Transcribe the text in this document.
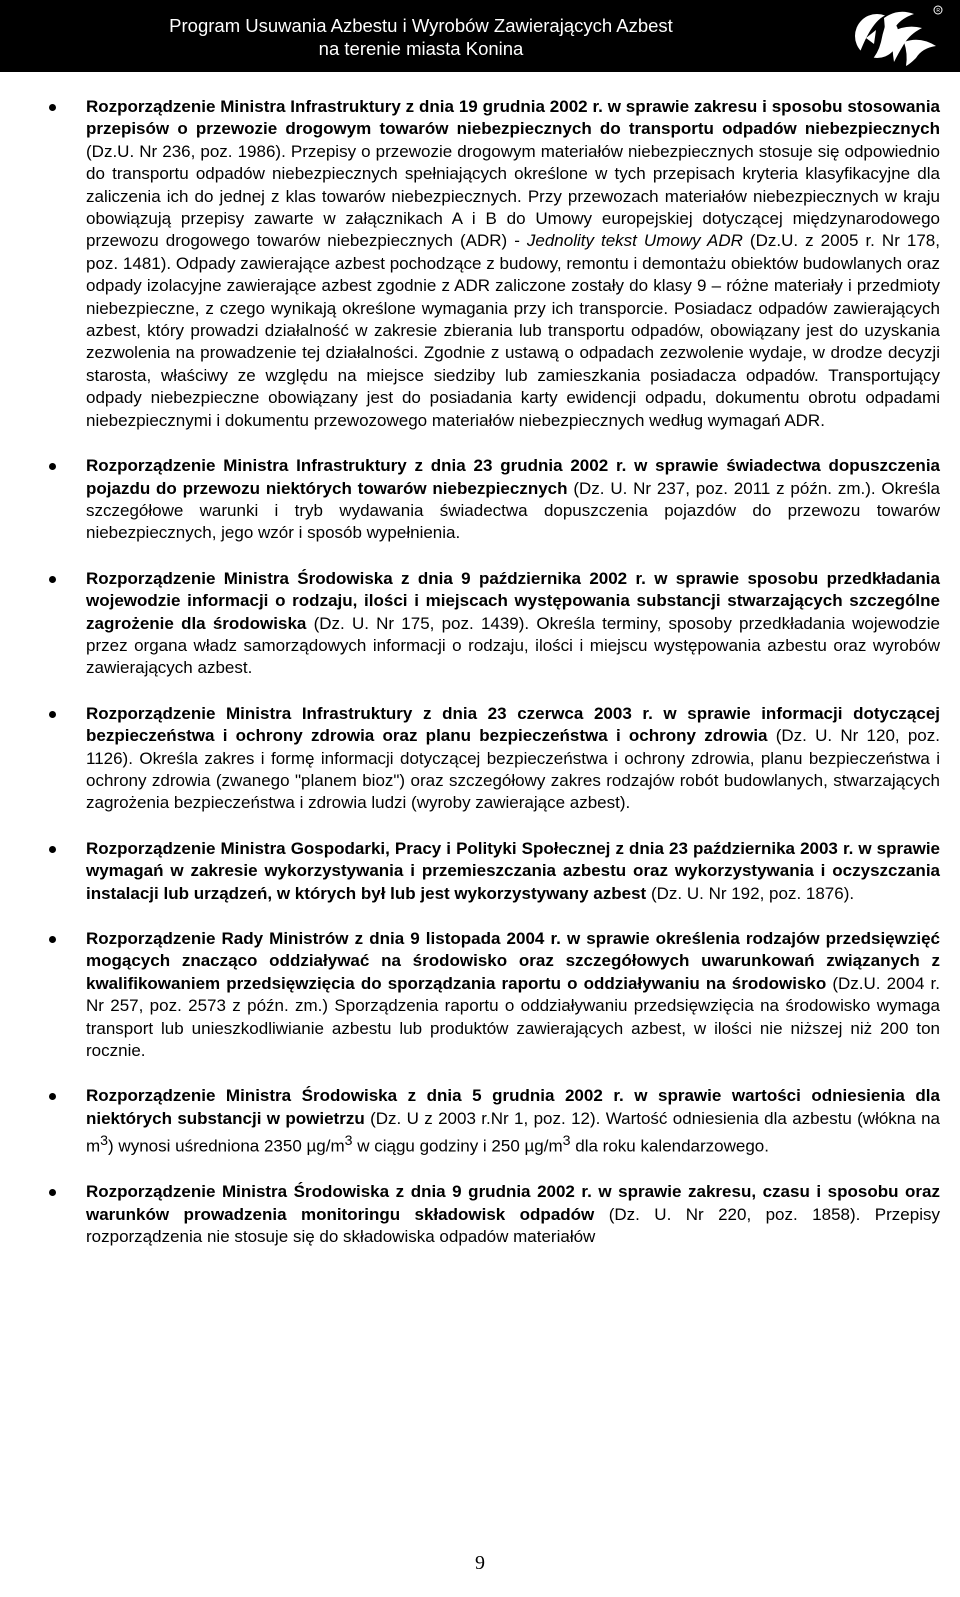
Program Usuwania Azbestu i Wyrobów Zawierających Azbest
na terenie miasta Konina
R

Rozporządzenie Ministra Infrastruktury z dnia 19 grudnia 2002 r. w sprawie zakresu i sposobu stosowania przepisów o przewozie drogowym towarów niebezpiecznych do transportu odpadów niebezpiecznych (Dz.U. Nr 236, poz. 1986). Przepisy o przewozie drogowym materiałów niebezpiecznych stosuje się odpowiednio do transportu odpadów niebezpiecznych spełniających określone w tych przepisach kryteria klasyfikacyjne dla zaliczenia ich do jednej z klas towarów niebezpiecznych. Przy przewozach materiałów niebezpiecznych w kraju obowiązują przepisy zawarte w załącznikach A i B do Umowy europejskiej dotyczącej międzynarodowego przewozu drogowego towarów niebezpiecznych (ADR) - Jednolity tekst Umowy ADR (Dz.U. z 2005 r. Nr 178, poz. 1481). Odpady zawierające azbest pochodzące z budowy, remontu i demontażu obiektów budowlanych oraz odpady izolacyjne zawierające azbest zgodnie z ADR zaliczone zostały do klasy 9 – różne materiały i przedmioty niebezpieczne, z czego wynikają określone wymagania przy ich transporcie. Posiadacz odpadów zawierających azbest, który prowadzi działalność w zakresie zbierania lub transportu odpadów, obowiązany jest do uzyskania zezwolenia na prowadzenie tej działalności. Zgodnie z ustawą o odpadach zezwolenie wydaje, w drodze decyzji starosta, właściwy ze względu na miejsce siedziby lub zamieszkania posiadacza odpadów. Transportujący odpady niebezpieczne obowiązany jest do posiadania karty ewidencji odpadu, dokumentu obrotu odpadami niebezpiecznymi i dokumentu przewozowego materiałów niebezpiecznych według wymagań ADR.

Rozporządzenie Ministra Infrastruktury z dnia 23 grudnia 2002 r. w sprawie świadectwa dopuszczenia pojazdu do przewozu niektórych towarów niebezpiecznych (Dz. U. Nr 237, poz. 2011 z późn. zm.). Określa szczegółowe warunki i tryb wydawania świadectwa dopuszczenia pojazdów do przewozu towarów niebezpiecznych, jego wzór i sposób wypełnienia.

Rozporządzenie Ministra Środowiska z dnia 9 października 2002 r. w sprawie sposobu przedkładania wojewodzie informacji o rodzaju, ilości i miejscach występowania substancji stwarzających szczególne zagrożenie dla środowiska (Dz. U. Nr 175, poz. 1439). Określa terminy, sposoby przedkładania wojewodzie przez organa władz samorządowych informacji o rodzaju, ilości i miejscu występowania azbestu oraz wyrobów zawierających azbest.

Rozporządzenie Ministra Infrastruktury z dnia 23 czerwca 2003 r. w sprawie informacji dotyczącej bezpieczeństwa i ochrony zdrowia oraz planu bezpieczeństwa i ochrony zdrowia (Dz. U. Nr 120, poz. 1126). Określa zakres i formę informacji dotyczącej bezpieczeństwa i ochrony zdrowia, planu bezpieczeństwa i ochrony zdrowia (zwanego "planem bioz") oraz szczegółowy zakres rodzajów robót budowlanych, stwarzających zagrożenia bezpieczeństwa i zdrowia ludzi (wyroby zawierające azbest).

Rozporządzenie Ministra Gospodarki, Pracy i Polityki Społecznej z dnia 23 października 2003 r. w sprawie wymagań w zakresie wykorzystywania i przemieszczania azbestu oraz wykorzystywania i oczyszczania instalacji lub urządzeń, w których był lub jest wykorzystywany azbest (Dz. U. Nr 192, poz. 1876).

Rozporządzenie Rady Ministrów z dnia 9 listopada 2004 r. w sprawie określenia rodzajów przedsięwzięć mogących znacząco oddziaływać na środowisko oraz szczegółowych uwarunkowań związanych z kwalifikowaniem przedsięwzięcia do sporządzania raportu o oddziaływaniu na środowisko (Dz.U. 2004 r. Nr 257, poz. 2573 z późn. zm.) Sporządzenia raportu o oddziaływaniu przedsięwzięcia na środowisko wymaga transport lub unieszkodliwianie azbestu lub produktów zawierających azbest, w ilości nie niższej niż 200 ton rocznie.

Rozporządzenie Ministra Środowiska z dnia 5 grudnia 2002 r. w sprawie wartości odniesienia dla niektórych substancji w powietrzu (Dz. U z 2003 r.Nr 1, poz. 12). Wartość odniesienia dla azbestu (włókna na $m^3$) wynosi uśredniona 2350 $\mu g/m^3$ w ciągu godziny i 250 $\mu g/m^3$ dla roku kalendarzowego.

Rozporządzenie Ministra Środowiska z dnia 9 grudnia 2002 r. w sprawie zakresu, czasu i sposobu oraz warunków prowadzenia monitoringu składowisk odpadów (Dz. U. Nr 220, poz. 1858). Przepisy rozporządzenia nie stosuje się do składowiska odpadów materiałów

9
